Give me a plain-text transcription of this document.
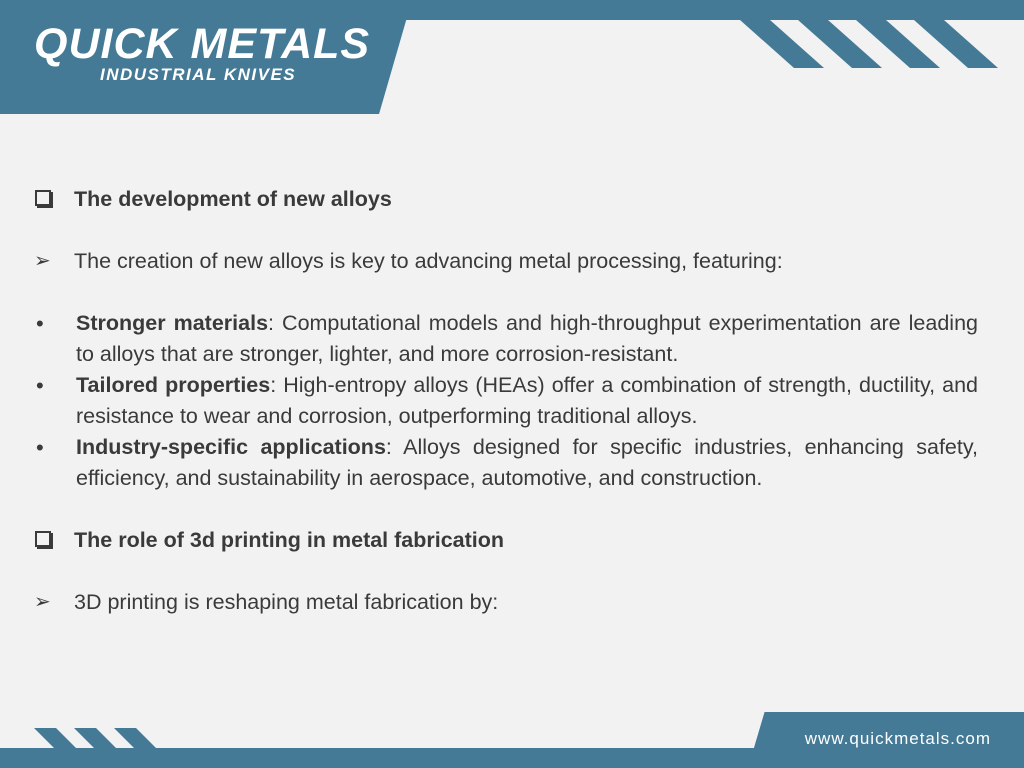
QUICK METALS
INDUSTRIAL KNIVES
The development of new alloys
➢	The creation of new alloys is key to advancing metal processing, featuring:
•	Stronger materials: Computational models and high-throughput experimentation are leading to alloys that are stronger, lighter, and more corrosion-resistant.
•	Tailored properties: High-entropy alloys (HEAs) offer a combination of strength, ductility, and resistance to wear and corrosion, outperforming traditional alloys.
•	Industry-specific applications: Alloys designed for specific industries, enhancing safety, efficiency, and sustainability in aerospace, automotive, and construction.
The role of 3d printing in metal fabrication
➢	3D printing is reshaping metal fabrication by:
www.quickmetals.com
